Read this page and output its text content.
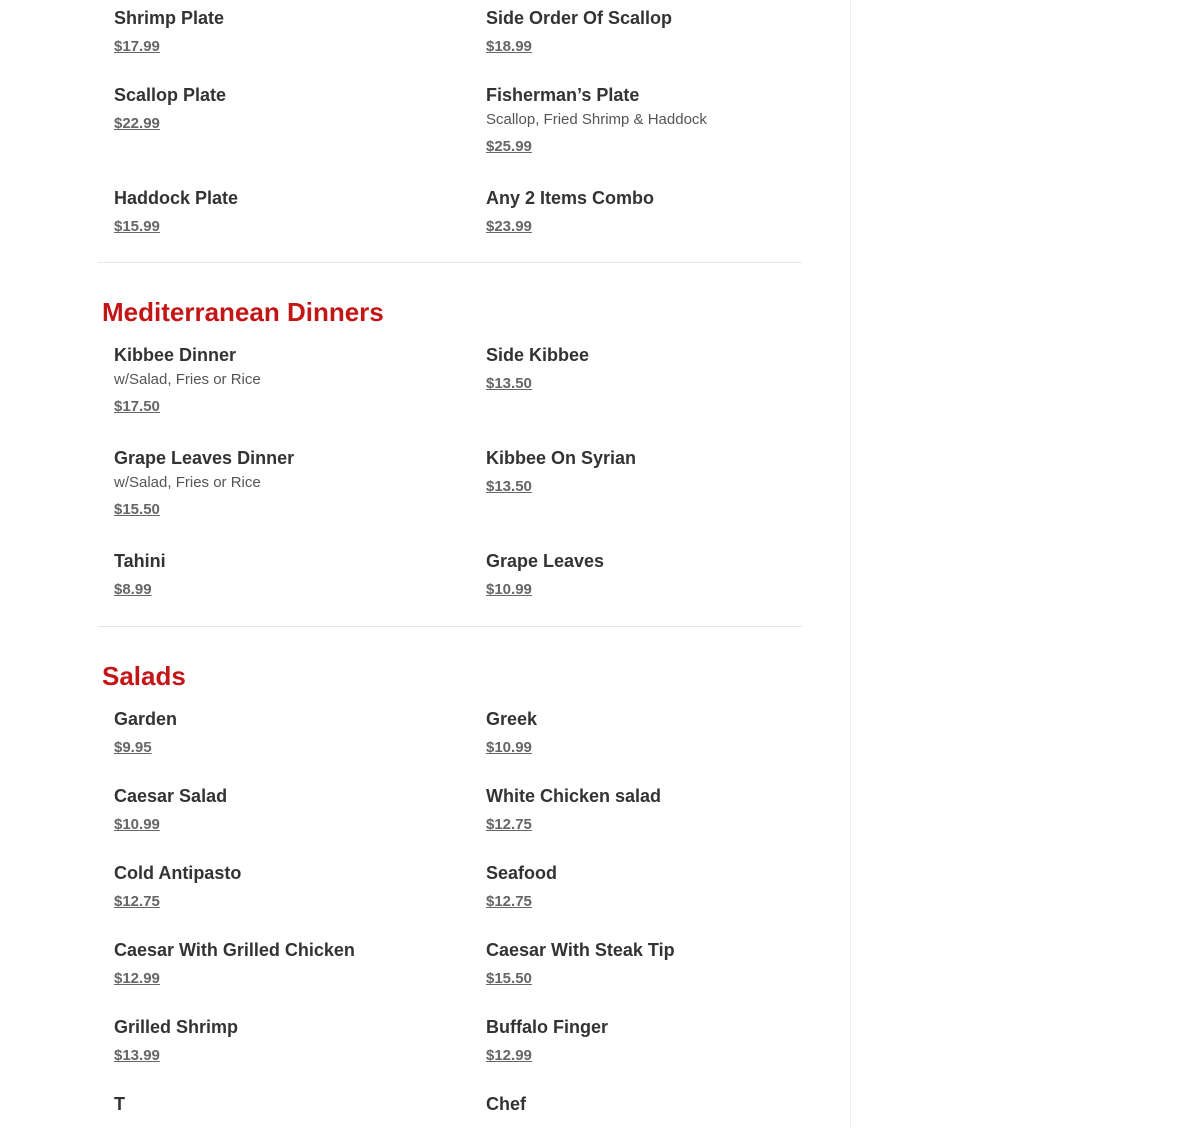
Shrimp Plate
$17.99
Side Order Of Scallop
$18.99
Scallop Plate
$22.99
Fisherman’s Plate
Scallop, Fried Shrimp & Haddock
$25.99
Haddock Plate
$15.99
Any 2 Items Combo
$23.99
Mediterranean Dinners
Kibbee Dinner
w/Salad, Fries or Rice
$17.50
Side Kibbee
$13.50
Grape Leaves Dinner
w/Salad, Fries or Rice
$15.50
Kibbee On Syrian
$13.50
Tahini
$8.99
Grape Leaves
$10.99
Salads
Garden
$9.95
Greek
$10.99
Caesar Salad
$10.99
White Chicken salad
$12.75
Cold Antipasto
$12.75
Seafood
$12.75
Caesar With Grilled Chicken
$12.99
Caesar With Steak Tip
$15.50
Grilled Shrimp
$13.99
Buffalo Finger
$12.99
T	Chef
